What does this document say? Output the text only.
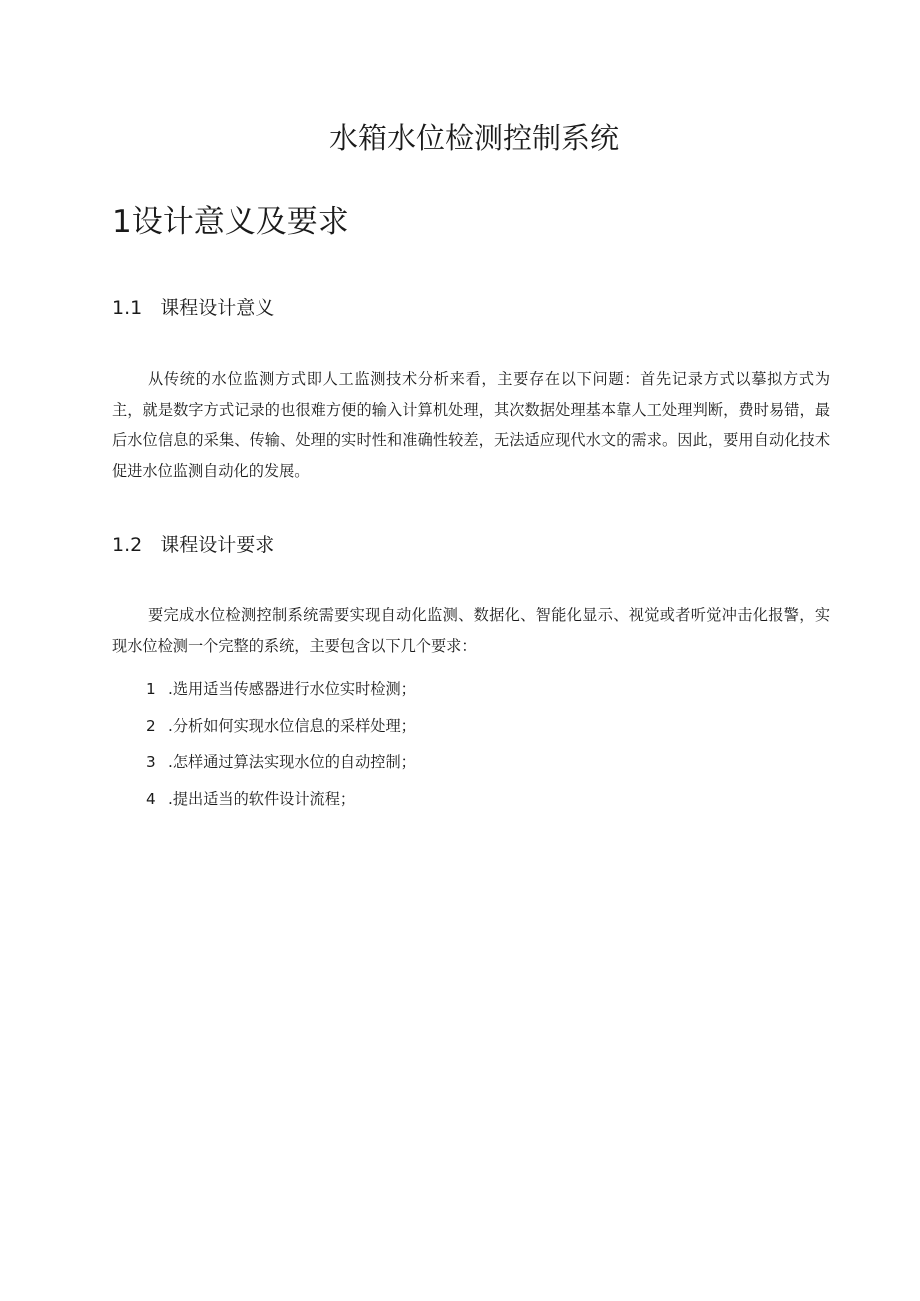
水箱水位检测控制系统
1设计意义及要求
1.1 课程设计意义

从传统的水位监测方式即人工监测技术分析来看，主要存在以下问题：首先记录方式以摹拟方式为主，就是数字方式记录的也很难方便的输入计算机处理，其次数据处理基本靠人工处理判断，费时易错，最后水位信息的采集、传输、处理的实时性和准确性较差，无法适应现代水文的需求。因此，要用自动化技术促进水位监测自动化的发展。

1.2 课程设计要求

要完成水位检测控制系统需要实现自动化监测、数据化、智能化显示、视觉或者听觉冲击化报警，实现水位检测一个完整的系统，主要包含以下几个要求：

1 .选用适当传感器进行水位实时检测；
2 .分析如何实现水位信息的采样处理；
3 .怎样通过算法实现水位的自动控制；
4 .提出适当的软件设计流程；
